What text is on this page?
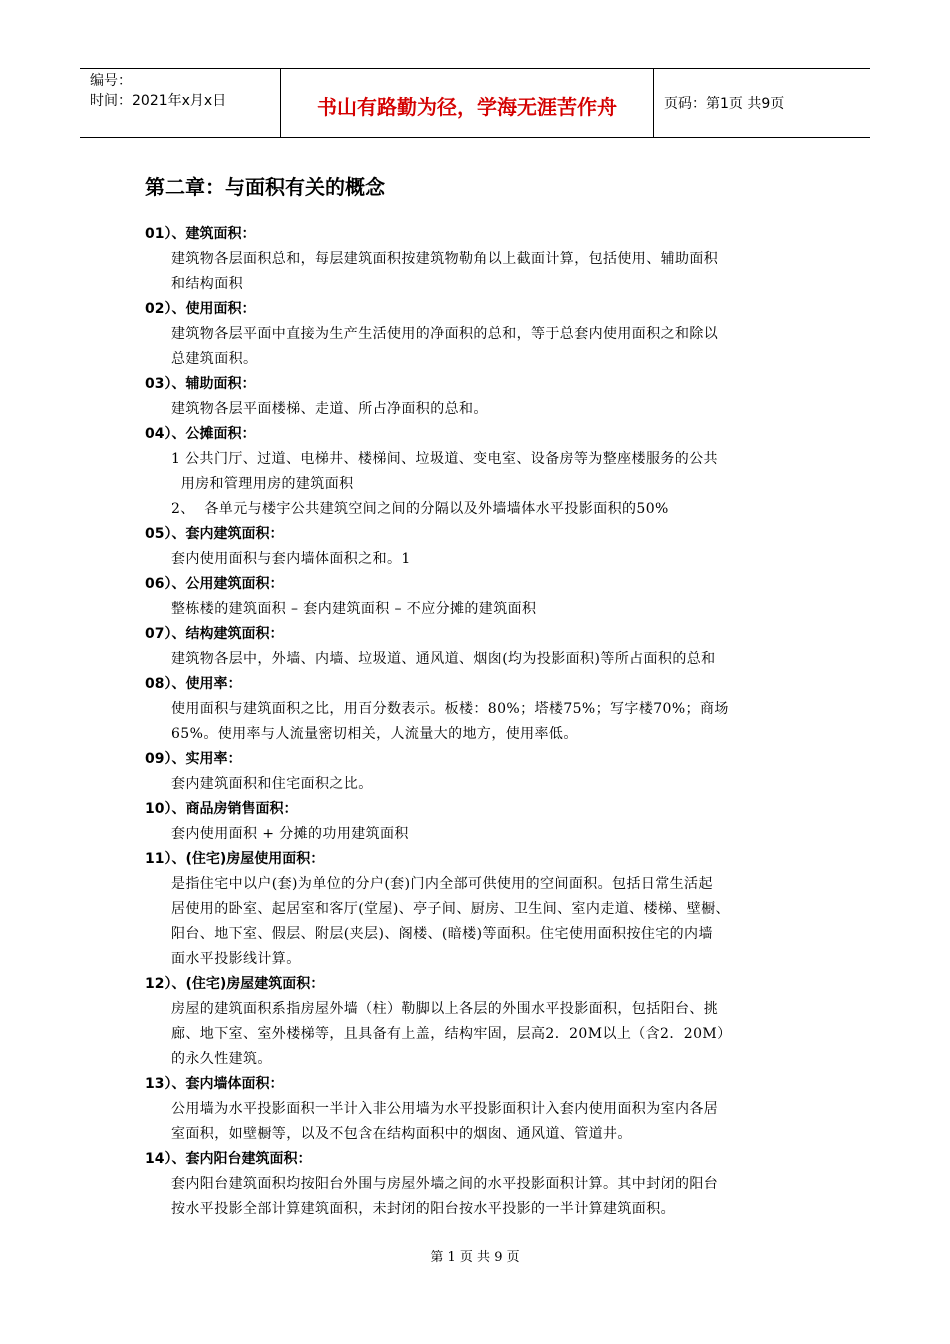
编号：
时间：2021年x月x日	书山有路勤为径，学海无涯苦作舟	页码：第1页 共9页
第二章：与面积有关的概念
01）、建筑面积：
建筑物各层面积总和，每层建筑面积按建筑物勒角以上截面计算，包括使用、辅助面积
和结构面积
02）、使用面积：
建筑物各层平面中直接为生产生活使用的净面积的总和，等于总套内使用面积之和除以
总建筑面积。
03）、辅助面积：
建筑物各层平面楼梯、走道、所占净面积的总和。
04）、公摊面积：
1 公共门厅、过道、电梯井、楼梯间、垃圾道、变电室、设备房等为整座楼服务的公共
用房和管理用房的建筑面积
2、  各单元与楼宇公共建筑空间之间的分隔以及外墙墙体水平投影面积的50%
05）、套内建筑面积：
套内使用面积与套内墙体面积之和。1
06）、公用建筑面积：
整栋楼的建筑面积 – 套内建筑面积 – 不应分摊的建筑面积
07）、结构建筑面积：
建筑物各层中，外墙、内墙、垃圾道、通风道、烟囱(均为投影面积)等所占面积的总和
08）、使用率：
使用面积与建筑面积之比，用百分数表示。板楼：80%；塔楼75%；写字楼70%；商场
65%。使用率与人流量密切相关，人流量大的地方，使用率低。
09）、实用率：
套内建筑面积和住宅面积之比。
10）、商品房销售面积：
套内使用面积 + 分摊的功用建筑面积
11）、(住宅)房屋使用面积：
是指住宅中以户(套)为单位的分户(套)门内全部可供使用的空间面积。包括日常生活起
居使用的卧室、起居室和客厅(堂屋)、亭子间、厨房、卫生间、室内走道、楼梯、壁橱、
阳台、地下室、假层、附层(夹层)、阁楼、(暗楼)等面积。住宅使用面积按住宅的内墙
面水平投影线计算。
12）、(住宅)房屋建筑面积：
房屋的建筑面积系指房屋外墙（柱）勒脚以上各层的外围水平投影面积，包括阳台、挑
廊、地下室、室外楼梯等，且具备有上盖，结构牢固，层高2．20M以上（含2．20M）
的永久性建筑。
13）、套内墙体面积：
公用墙为水平投影面积一半计入非公用墙为水平投影面积计入套内使用面积为室内各居
室面积，如壁橱等，以及不包含在结构面积中的烟囱、通风道、管道井。
14）、套内阳台建筑面积：
套内阳台建筑面积均按阳台外围与房屋外墙之间的水平投影面积计算。其中封闭的阳台
按水平投影全部计算建筑面积，未封闭的阳台按水平投影的一半计算建筑面积。
第 1 页 共 9 页
